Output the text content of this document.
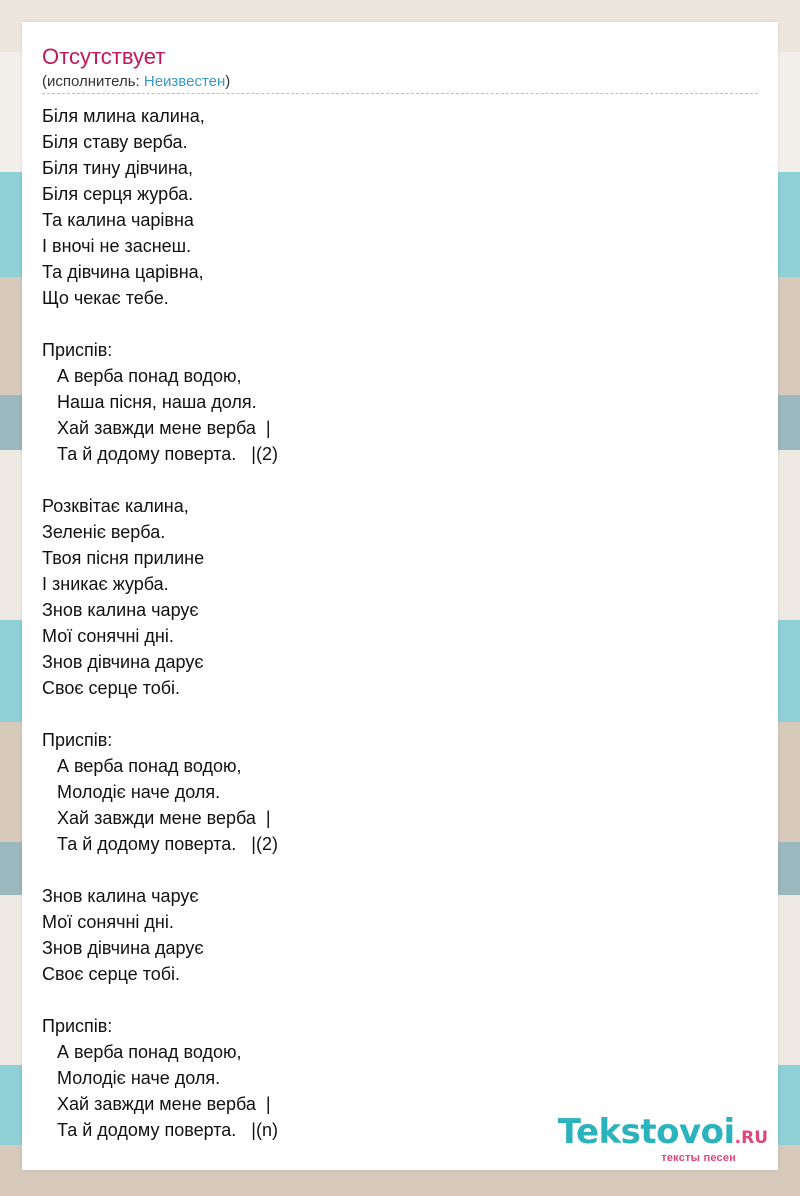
Отсутствует
(исполнитель: Неизвестен)
Біля млина калина,
Біля ставу верба.
Біля тину дівчина,
Біля серця журба.
Та калина чарівна
І вночі не заснеш.
Та дівчина царівна,
Що чекає тебе.
Приспів:
А верба понад водою,
Наша пісня, наша доля.
Хай завжди мене верба  |
Та й додому поверта.   |(2)
Розквітає калина,
Зеленіє верба.
Твоя пісня прилине
І зникає журба.
Знов калина чарує
Мої сонячні дні.
Знов дівчина дарує
Своє серце тобі.
Приспів:
А верба понад водою,
Молодіє наче доля.
Хай завжди мене верба  |
Та й додому поверта.   |(2)
Знов калина чарує
Мої сонячні дні.
Знов дівчина дарує
Своє серце тобі.
Приспів:
А верба понад водою,
Молодіє наче доля.
Хай завжди мене верба  |
Та й додому поверта.   |(n)	Tekstovoi.RU
тексты песен
